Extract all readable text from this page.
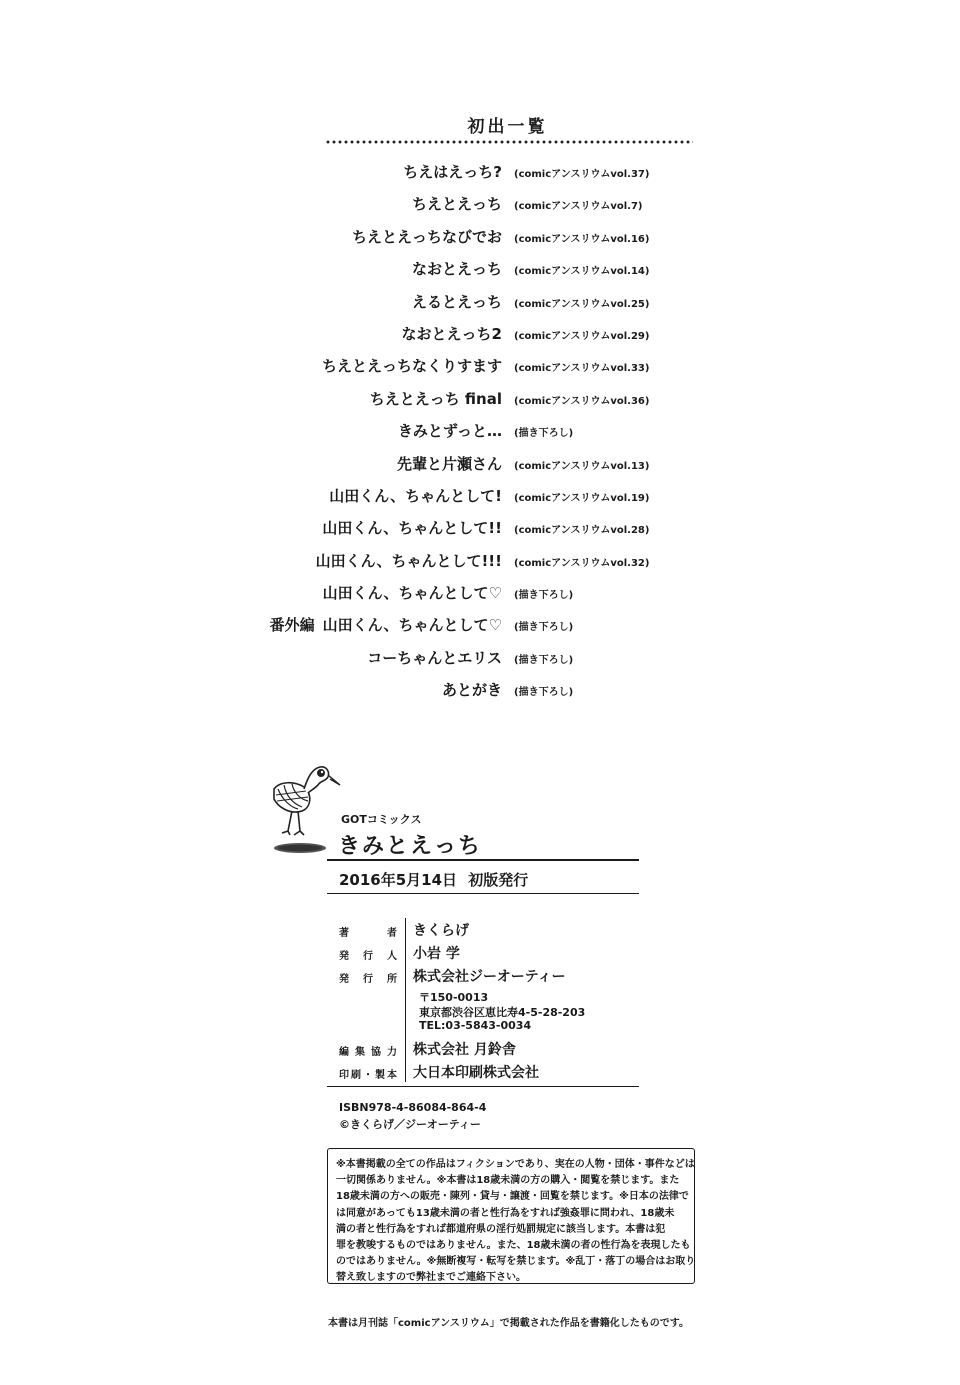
初出一覧
ちえはえっち? (comicアンスリウムvol.37)
ちえとえっち (comicアンスリウムvol.7)
ちえとえっちなびでお (comicアンスリウムvol.16)
なおとえっち (comicアンスリウムvol.14)
えるとえっち (comicアンスリウムvol.25)
なおとえっち2 (comicアンスリウムvol.29)
ちえとえっちなくりすます (comicアンスリウムvol.33)
ちえとえっち final (comicアンスリウムvol.36)
きみとずっと… (描き下ろし)
先輩と片瀬さん (comicアンスリウムvol.13)
山田くん、ちゃんとして! (comicアンスリウムvol.19)
山田くん、ちゃんとして!! (comicアンスリウムvol.28)
山田くん、ちゃんとして!!! (comicアンスリウムvol.32)
山田くん、ちゃんとして♡ (描き下ろし)
番外編 山田くん、ちゃんとして♡ (描き下ろし)
コーちゃんとエリス (描き下ろし)
あとがき (描き下ろし)
GOTコミックス
きみとえっち
2016年5月14日 初版発行
著者 きくらげ
発行人 小岩 学
発行所 株式会社ジーオーティー
〒150-0013
東京都渋谷区恵比寿4-5-28-203
TEL:03-5843-0034
編集協力 株式会社 月鈴舎
印刷・製本 大日本印刷株式会社
ISBN978-4-86084-864-4
©きくらげ／ジーオーティー
※本書掲載の全ての作品はフィクションであり、実在の人物・団体・事件などは
一切関係ありません。※本書は18歳未満の方の購入・閲覧を禁じます。また
18歳未満の方への販売・陳列・貸与・譲渡・回覧を禁じます。※日本の法律で
は同意があっても13歳未満の者と性行為をすれば強姦罪に問われ、18歳未
満の者と性行為をすれば都道府県の淫行処罰規定に該当します。本書は犯
罪を教唆するものではありません。また、18歳未満の者の性行為を表現したも
のではありません。※無断複写・転写を禁じます。※乱丁・落丁の場合はお取り
替え致しますので弊社までご連絡下さい。
本書は月刊誌「comicアンスリウム」で掲載された作品を書籍化したものです。
